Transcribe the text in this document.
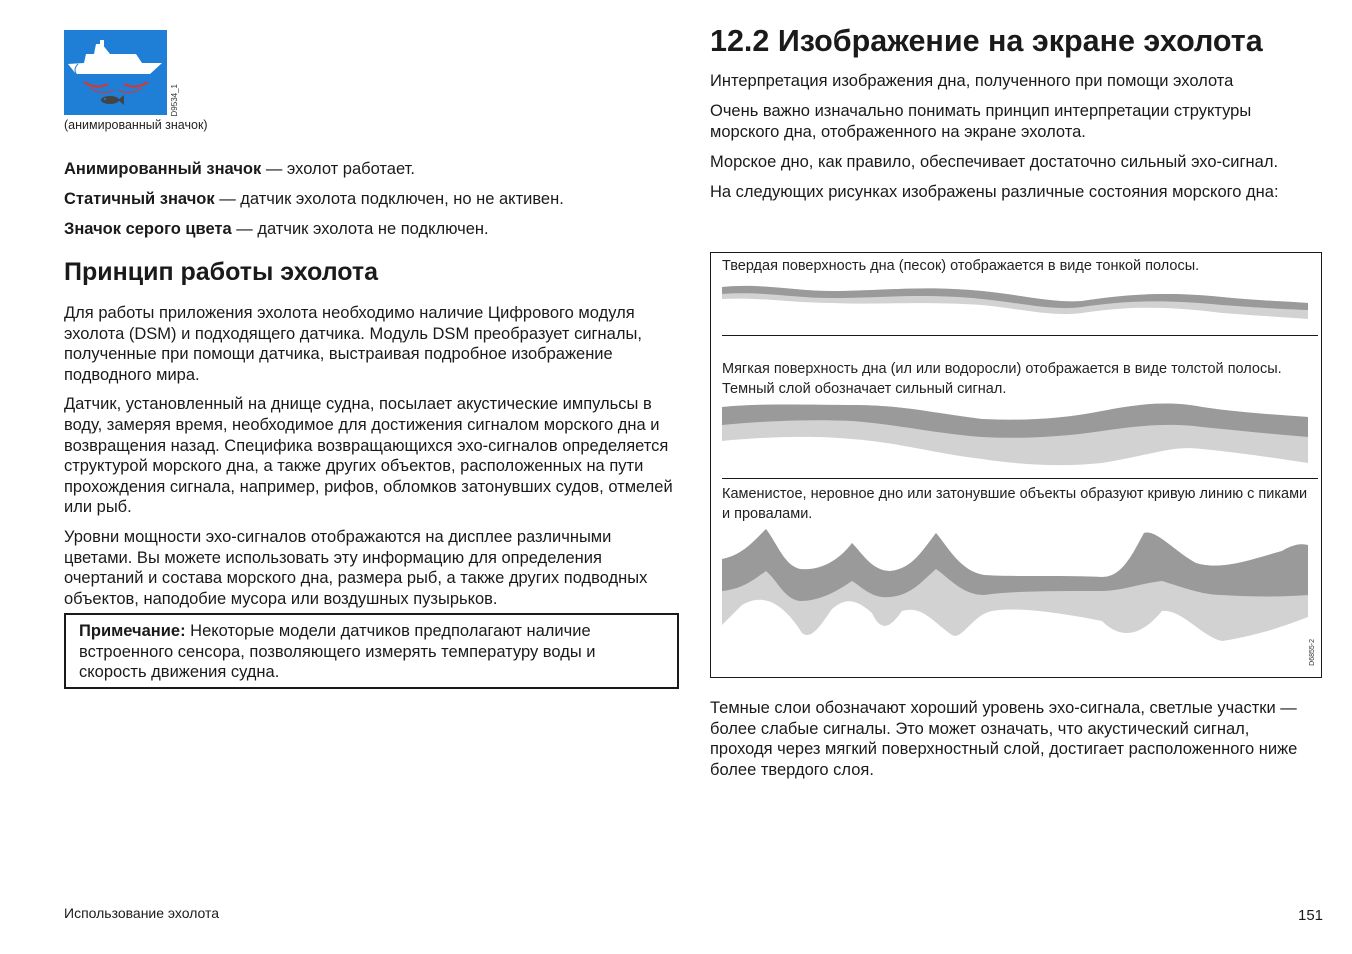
D9534_1
(анимированный значок)

Анимированный значок — эхолот работает.

Статичный значок — датчик эхолота подключен, но не активен.

Значок серого цвета — датчик эхолота не подключен.

Принцип работы эхолота

Для работы приложения эхолота необходимо наличие Цифрового модуля эхолота (DSM) и подходящего датчика. Модуль DSM преобразует сигналы, полученные при помощи датчика, выстраивая подробное изображение подводного мира.

Датчик, установленный на днище судна, посылает акустические импульсы в воду, замеряя время, необходимое для достижения сигналом морского дна и возвращения назад. Специфика возвращающихся эхо-сигналов определяется структурой морского дна, а также других объектов, расположенных на пути прохождения сигнала, например, рифов, обломков затонувших судов, отмелей или рыб.

Уровни мощности эхо-сигналов отображаются на дисплее различными цветами. Вы можете использовать эту информацию для определения очертаний и состава морского дна, размера рыб, а также других подводных объектов, наподобие мусора или воздушных пузырьков.

Примечание: Некоторые модели датчиков предполагают наличие встроенного сенсора, позволяющего измерять температуру воды и скорость движения судна.
Использование эхолота
12.2 Изображение на экране эхолота

Интерпретация изображения дна, полученного при помощи эхолота

Очень важно изначально понимать принцип интерпретации структуры морского дна, отображенного на экране эхолота.

Морское дно, как правило, обеспечивает достаточно сильный эхо-сигнал.

На следующих рисунках изображены различные состояния морского дна:

Твердая поверхность дна (песок) отображается в виде тонкой полосы.
Мягкая поверхность дна (ил или водоросли) отображается в виде толстой полосы. Темный слой обозначает сильный сигнал.
Каменистое, неровное дно или затонувшие объекты образуют кривую линию с пиками и провалами.
D6855-2

Темные слои обозначают хороший уровень эхо-сигнала, светлые участки — более слабые сигналы. Это может означать, что акустический сигнал, проходя через мягкий поверхностный слой, достигает расположенного ниже более твердого слоя.

151
